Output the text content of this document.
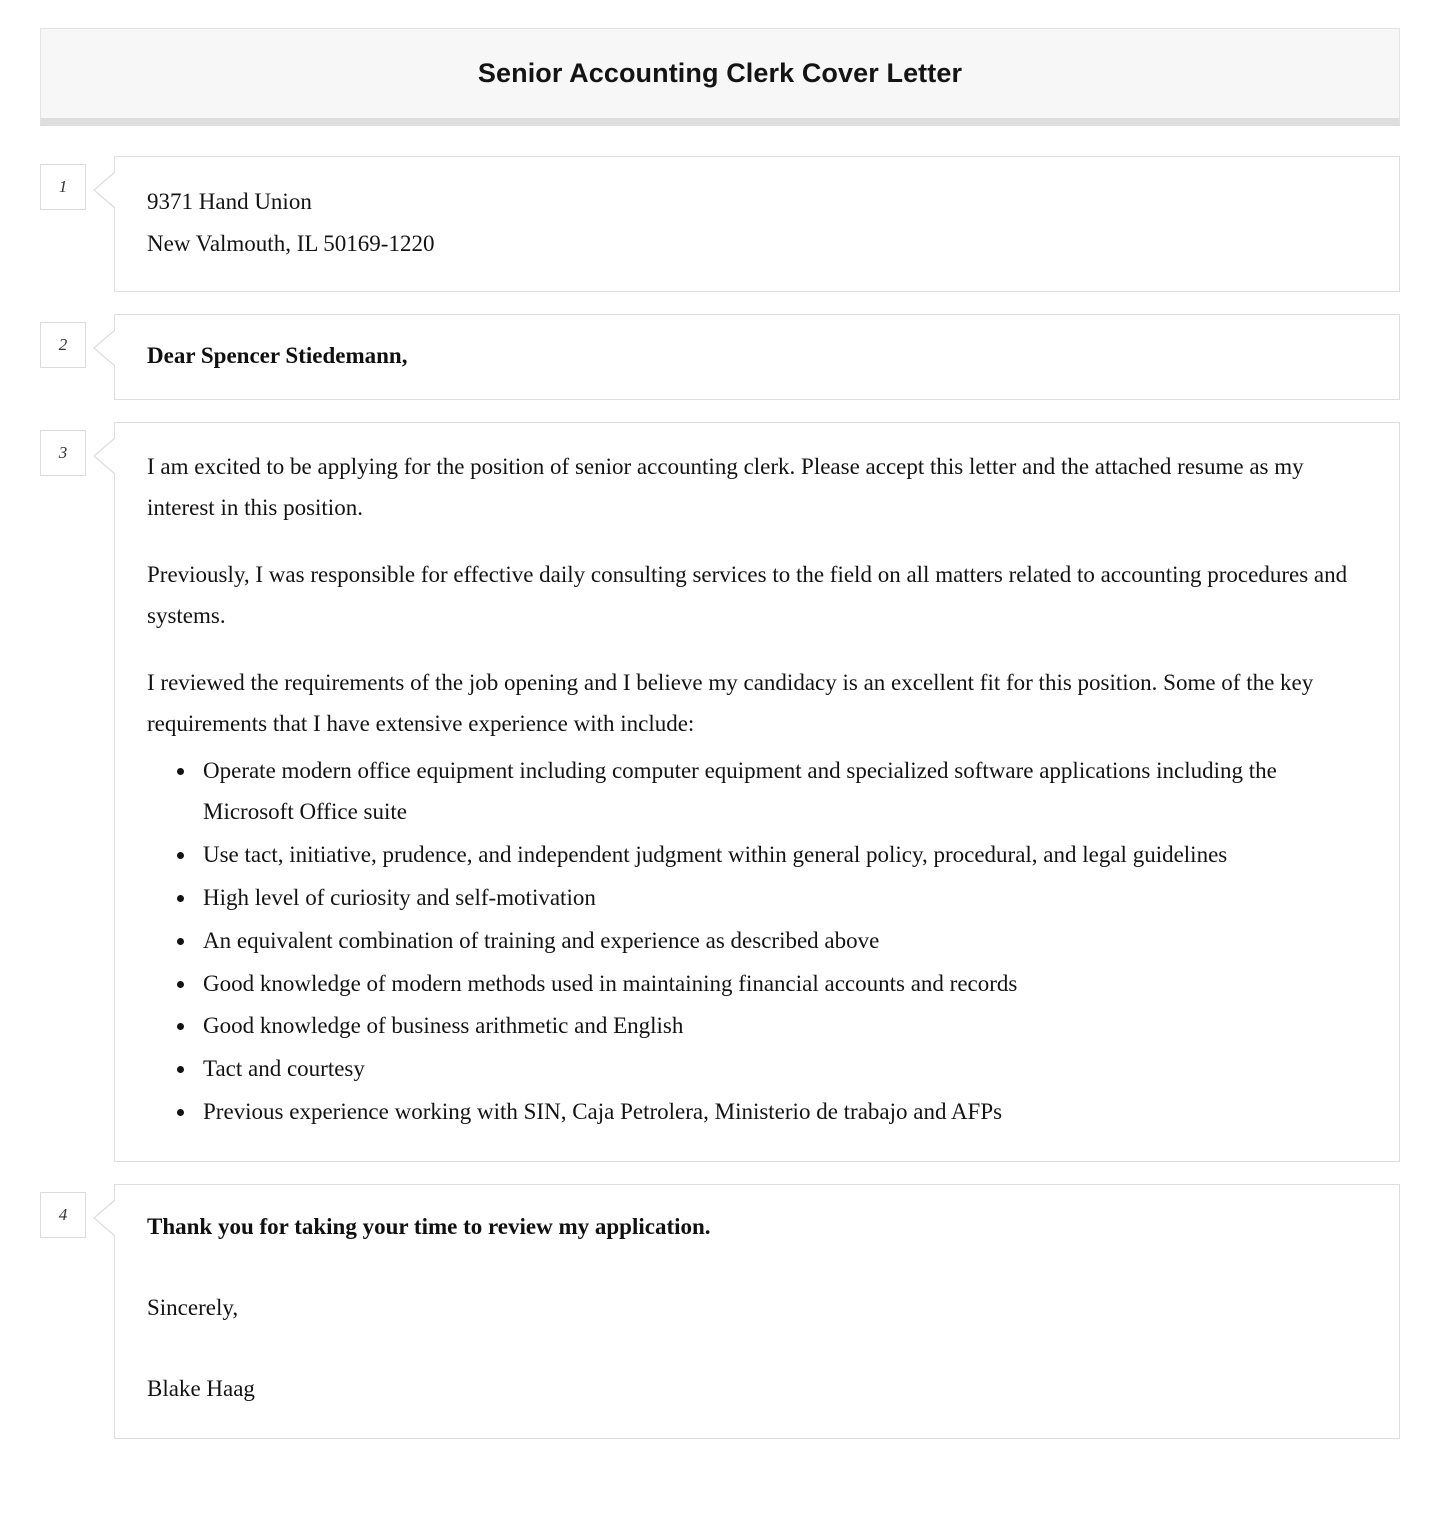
Senior Accounting Clerk Cover Letter
1
9371 Hand Union
New Valmouth, IL 50169-1220
2	Dear Spencer Stiedemann,
3

I am excited to be applying for the position of senior accounting clerk. Please accept this letter and the attached resume as my interest in this position.

Previously, I was responsible for effective daily consulting services to the field on all matters related to accounting procedures and systems.

I reviewed the requirements of the job opening and I believe my candidacy is an excellent fit for this position. Some of the key requirements that I have extensive experience with include:

• Operate modern office equipment including computer equipment and specialized software applications including the Microsoft Office suite
• Use tact, initiative, prudence, and independent judgment within general policy, procedural, and legal guidelines
• High level of curiosity and self-motivation
• An equivalent combination of training and experience as described above
• Good knowledge of modern methods used in maintaining financial accounts and records
• Good knowledge of business arithmetic and English
• Tact and courtesy
• Previous experience working with SIN, Caja Petrolera, Ministerio de trabajo and AFPs
4	Thank you for taking your time to review my application.
Sincerely,
Blake Haag
